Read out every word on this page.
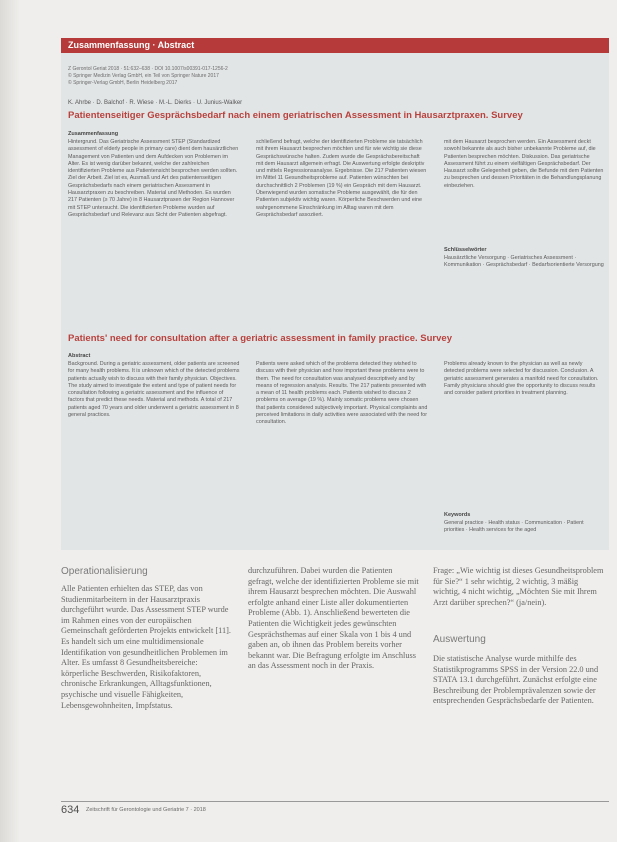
Zusammenfassung · Abstract
Z Gerontol Geriat 2018 · 51:632–638 · DOI 10.1007/s00391-017-1256-2
© Springer Medizin Verlag GmbH, ein Teil von Springer Nature 2017
© Springer-Verlag GmbH, Berlin Heidelberg 2017
K. Ahrbe · D. Balchof · R. Wiese · M.-L. Dierks · U. Junius-Walker
Patientenseitiger Gesprächsbedarf nach einem geriatrischen Assessment in Hausarztpraxen. Survey
Zusammenfassung

Hintergrund. Das Geriatrische Assessment STEP (Standardized assessment of elderly people in primary care) dient dem hausärztlichen Management von Patienten und dem Aufdecken von Problemen im Alter. Es ist wenig darüber bekannt, welche der zahlreichen identifizierten Probleme aus Patientensicht besprochen werden sollten. Ziel der Arbeit. Ziel ist es, Ausmaß und Art des patientenseitigen Gesprächsbedarfs nach einem geriatrischen Assessment in Hausarztpraxen zu beschreiben. Material und Methoden. Es wurden 217 Patienten (≥ 70 Jahre) in 8 Hausarztpraxen der Region Hannover mit STEP untersucht. Die identifizierten Probleme wurden auf Gesprächsbedarf und Relevanz aus Sicht der Patienten abgefragt.

schließend befragt, welche der identifizierten Probleme sie tatsächlich mit ihrem Hausarzt besprechen möchten und für wie wichtig sie diese Gesprächswünsche halten. Zudem wurde die Gesprächsbereitschaft mit dem Hausarzt allgemein erfragt. Die Auswertung erfolgte deskriptiv und mittels Regressionsanalyse. Ergebnisse. Die 217 Patienten wiesen im Mittel 11 Gesundheitsprobleme auf. Patienten wünschten bei durchschnittlich 2 Problemen (19 %) ein Gespräch mit dem Hausarzt. Überwiegend wurden somatische Probleme ausgewählt, die für den Patienten subjektiv wichtig waren. Körperliche Beschwerden und eine wahrgenommene Einschränkung im Alltag waren mit dem Gesprächsbedarf assoziiert.

mit dem Hausarzt besprochen werden. Ein Assessment deckt sowohl bekannte als auch bisher unbekannte Probleme auf, die Patienten besprechen möchten. Diskussion. Das geriatrische Assessment führt zu einem vielfältigen Gesprächsbedarf. Der Hausarzt sollte Gelegenheit geben, die Befunde mit dem Patienten zu besprechen und dessen Prioritäten in die Behandlungsplanung einbeziehen.

Schlüsselwörter

Hausärztliche Versorgung · Geriatrisches Assessment · Kommunikation · Gesprächsbedarf · Bedarfsorientierte Versorgung

Patients' need for consultation after a geriatric assessment in family practice. Survey
Abstract

Background. During a geriatric assessment, older patients are screened for many health problems. It is unknown which of the detected problems patients actually wish to discuss with their family physician. Objectives. The study aimed to investigate the extent and type of patient needs for consultation following a geriatric assessment and the influence of factors that predict these needs. Material and methods. A total of 217 patients aged 70 years and older underwent a geriatric assessment in 8 general practices.

Patients were asked which of the problems detected they wished to discuss with their physician and how important these problems were to them. The need for consultation was analysed descriptively and by means of regression analysis. Results. The 217 patients presented with a mean of 11 health problems each. Patients wished to discuss 2 problems on average (19 %). Mainly somatic problems were chosen that patients considered subjectively important. Physical complaints and perceived limitations in daily activities were associated with the need for consultation.

Problems already known to the physician as well as newly detected problems were selected for discussion. Conclusion. A geriatric assessment generates a manifold need for consultation. Family physicians should give the opportunity to discuss results and consider patient priorities in treatment planning.

Keywords

General practice · Health status · Communication · Patient priorities · Health services for the aged

Operationalisierung

Alle Patienten erhielten das STEP, das von Studienmitarbeitern in der Hausarztpraxis durchgeführt wurde. Das Assessment STEP wurde im Rahmen eines von der europäischen Gemeinschaft geförderten Projekts entwickelt [11]. Es handelt sich um eine multidimensionale Identifikation von gesundheitlichen Problemen im Alter. Es umfasst 8 Gesundheitsbereiche: körperliche Beschwerden, Risikofaktoren, chronische Erkrankungen, Alltagsfunktionen, psychische und visuelle Fähigkeiten, Lebensgewohnheiten, Impfstatus.

durchzuführen. Dabei wurden die Patienten gefragt, welche der identifizierten Probleme sie mit ihrem Hausarzt besprechen möchten. Die Auswahl erfolgte anhand einer Liste aller dokumentierten Probleme (Abb. 1). Anschließend bewerteten die Patienten die Wichtigkeit jedes gewünschten Gesprächsthemas auf einer Skala von 1 bis 4 und gaben an, ob ihnen das Problem bereits vorher bekannt war. Die Befragung erfolgte im Anschluss an das Assessment noch in der Praxis.

Frage: „Wie wichtig ist dieses Gesundheitsproblem für Sie?“ 1 sehr wichtig, 2 wichtig, 3 mäßig wichtig, 4 nicht wichtig, „Möchten Sie mit Ihrem Arzt darüber sprechen?“ (ja/nein).

Auswertung

Die statistische Analyse wurde mithilfe des Statistikprogramms SPSS in der Version 22.0 und STATA 13.1 durchgeführt. Zunächst erfolgte eine Beschreibung der Problemprävalenzen sowie der entsprechenden Gesprächsbedarfe der Patienten.

634 Zeitschrift für Gerontologie und Geriatrie 7 · 2018
